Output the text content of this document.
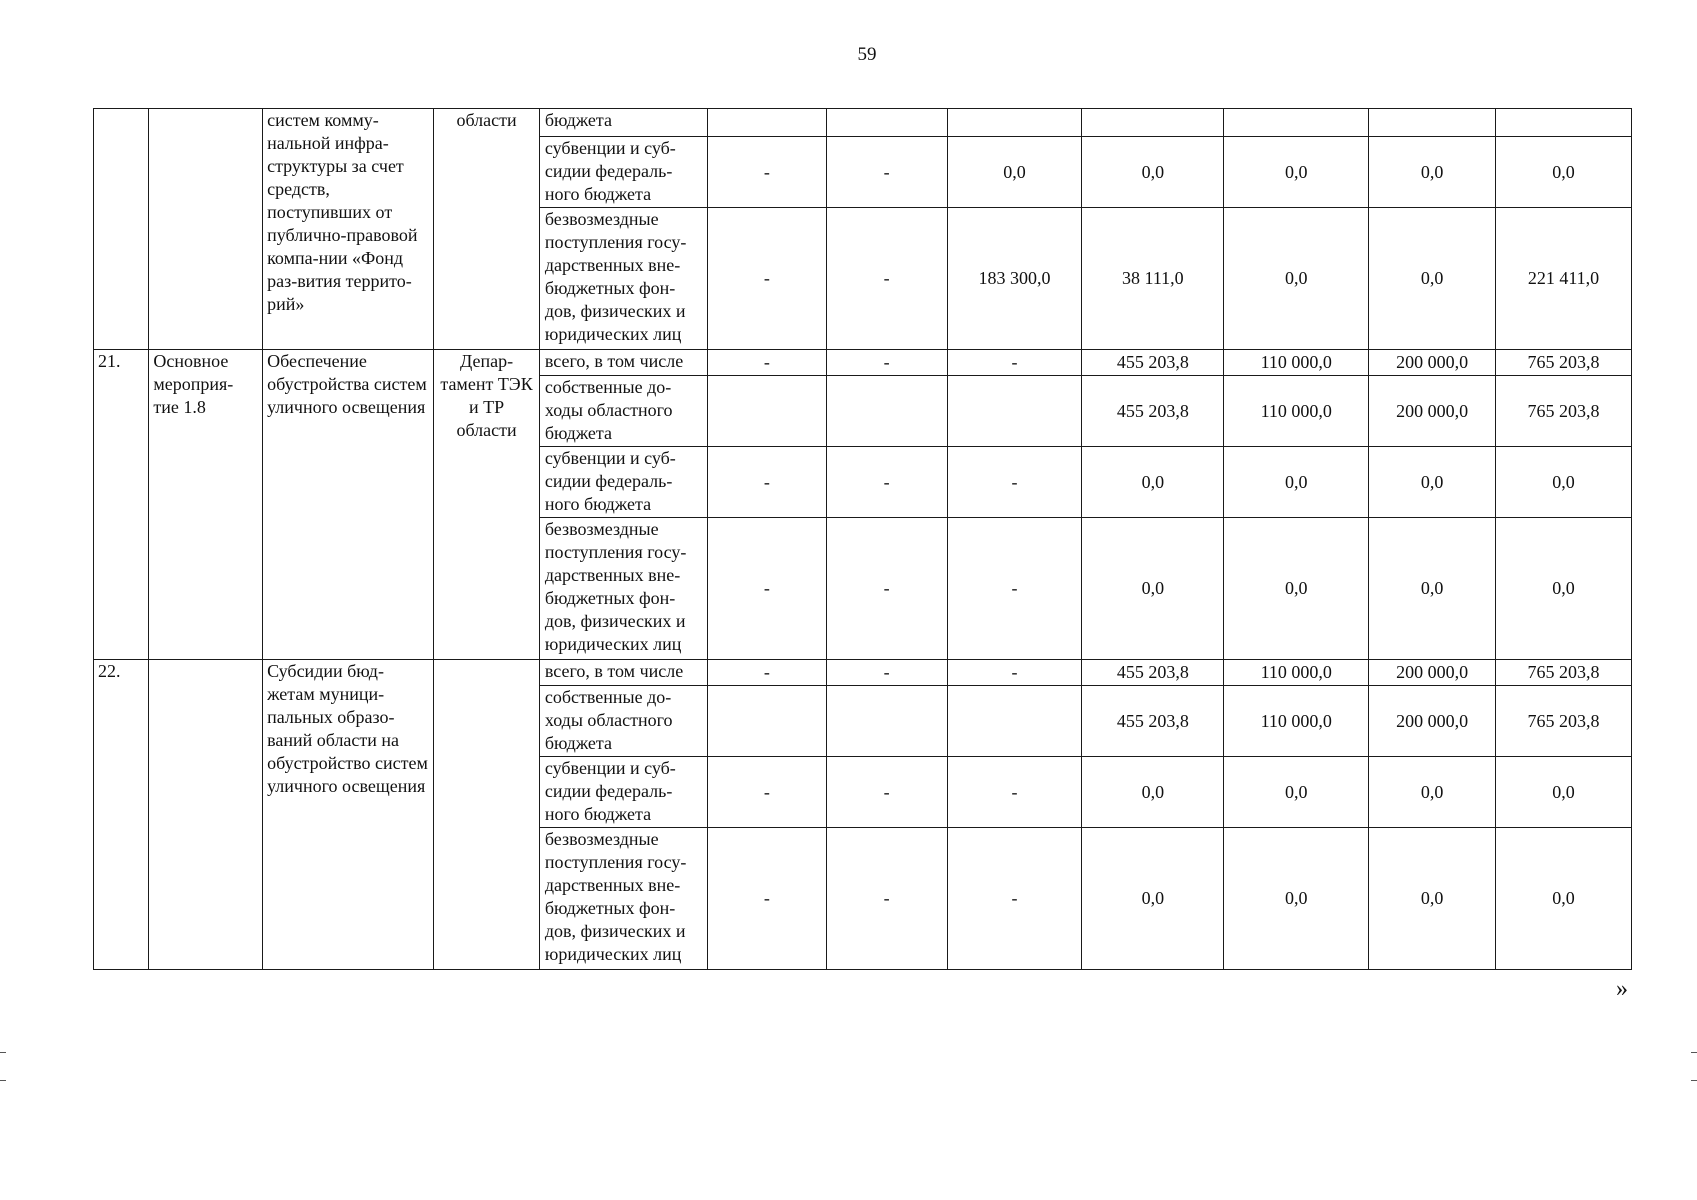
59
		систем комму-нальной инфра-структуры за счет средств, поступивших от публично-правовой компа-нии «Фонд раз-вития террито-рий»	области	бюджета							
				субвенции и суб-сидии федераль-ного бюджета	-	-	0,0	0,0	0,0	0,0	0,0
				безвозмездные поступления госу-дарственных вне-бюджетных фон-дов, физических и юридических лиц	-	-	183 300,0	38 111,0	0,0	0,0	221 411,0
21.	Основное мероприя-тие 1.8	Обеспечение обустройства систем уличного освещения	Депар-тамент ТЭК и ТР области	всего, в том числе	-	-	-	455 203,8	110 000,0	200 000,0	765 203,8
				собственные до-ходы областного бюджета				455 203,8	110 000,0	200 000,0	765 203,8
				субвенции и суб-сидии федераль-ного бюджета	-	-	-	0,0	0,0	0,0	0,0
				безвозмездные поступления госу-дарственных вне-бюджетных фон-дов, физических и юридических лиц	-	-	-	0,0	0,0	0,0	0,0
22.		Субсидии бюд-жетам муници-пальных образо-ваний области на обустройство систем уличного освещения		всего, в том числе	-	-	-	455 203,8	110 000,0	200 000,0	765 203,8
				собственные до-ходы областного бюджета				455 203,8	110 000,0	200 000,0	765 203,8
				субвенции и суб-сидии федераль-ного бюджета	-	-	-	0,0	0,0	0,0	0,0
				безвозмездные поступления госу-дарственных вне-бюджетных фон-дов, физических и юридических лиц	-	-	-	0,0	0,0	0,0	0,0
»
